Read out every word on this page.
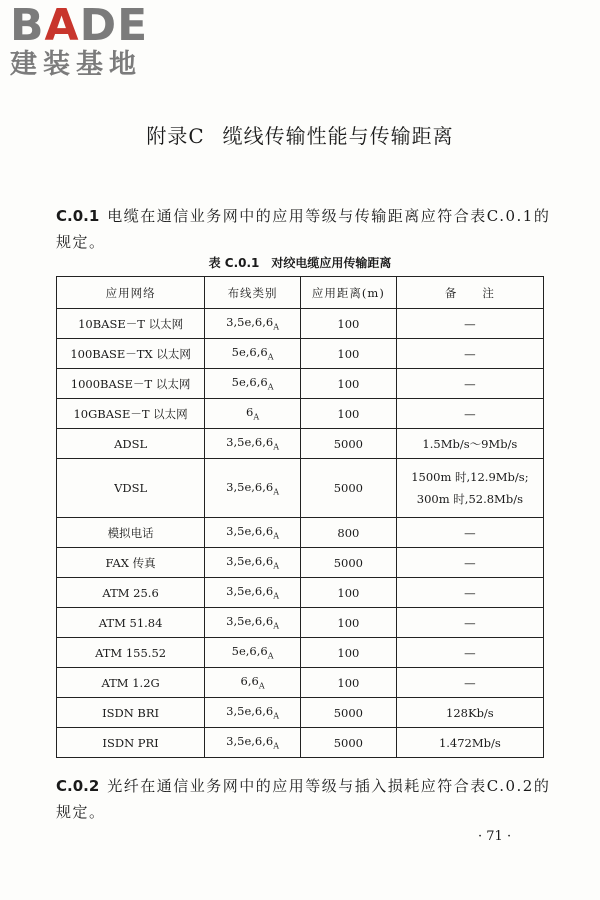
BADE
建装基地
附录C 缆线传输性能与传输距离
C.0.1 电缆在通信业务网中的应用等级与传输距离应符合表C.0.1的规定。
表 C.0.1 对绞电缆应用传输距离
应用网络	布线类别	应用距离(m)	备　　注
10BASE－T 以太网	$3,5e,6,6_A$	100	—
100BASE－TX 以太网	$5e,6,6_A$	100	—
1000BASE－T 以太网	$5e,6,6_A$	100	—
10GBASE－T 以太网	$6_A$	100	—
ADSL	$3,5e,6,6_A$	5000	1.5Mb/s～9Mb/s
VDSL	$3,5e,6,6_A$	5000	1500m 时,12.9Mb/s;
300m 时,52.8Mb/s
模拟电话	$3,5e,6,6_A$	800	—
FAX 传真	$3,5e,6,6_A$	5000	—
ATM 25.6	$3,5e,6,6_A$	100	—
ATM 51.84	$3,5e,6,6_A$	100	—
ATM 155.52	$5e,6,6_A$	100	—
ATM 1.2G	$6,6_A$	100	—
ISDN BRI	$3,5e,6,6_A$	5000	128Kb/s
ISDN PRI	$3,5e,6,6_A$	5000	1.472Mb/s
C.0.2 光纤在通信业务网中的应用等级与插入损耗应符合表C.0.2的规定。
· 71 ·
